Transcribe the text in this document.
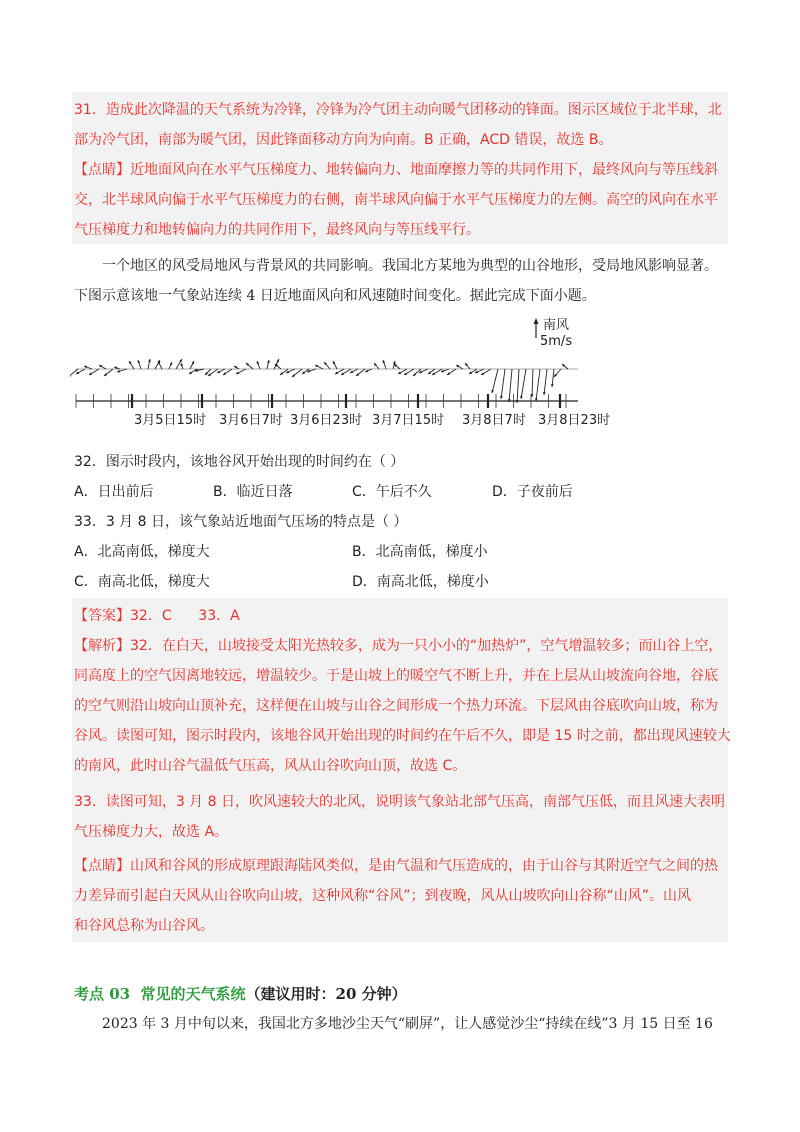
31．造成此次降温的天气系统为冷锋，冷锋为冷气团主动向暖气团移动的锋面。图示区域位于北半球，北
部为冷气团，南部为暖气团，因此锋面移动方向为向南。B 正确，ACD 错误，故选 B。
【点睛】近地面风向在水平气压梯度力、地转偏向力、地面摩擦力等的共同作用下，最终风向与等压线斜
交，北半球风向偏于水平气压梯度力的右侧，南半球风向偏于水平气压梯度力的左侧。高空的风向在水平
气压梯度力和地转偏向力的共同作用下，最终风向与等压线平行。
一个地区的风受局地风与背景风的共同影响。我国北方某地为典型的山谷地形，受局地风影响显著。
下图示意该地一气象站连续 4 日近地面风向和风速随时间变化。据此完成下面小题。
南风
5m/s
3月5日15时 3月6日7时 3月6日23时 3月7日15时 3月8日7时 3月8日23时
32．图示时段内，该地谷风开始出现的时间约在（ ）
A．日出前后	B．临近日落	C．午后不久	D．子夜前后
33．3 月 8 日，该气象站近地面气压场的特点是（ ）
A．北高南低，梯度大	B．北高南低，梯度小
C．南高北低，梯度大	D．南高北低，梯度小
【答案】32．C      33．A
【解析】32．在白天，山坡接受太阳光热较多，成为一只小小的“加热炉”，空气增温较多；而山谷上空，
同高度上的空气因离地较远，增温较少。于是山坡上的暖空气不断上升，并在上层从山坡流向谷地，谷底
的空气则沿山坡向山顶补充，这样便在山坡与山谷之间形成一个热力环流。下层风由谷底吹向山坡，称为
谷风。读图可知，图示时段内，该地谷风开始出现的时间约在午后不久，即是 15 时之前，都出现风速较大
的南风，此时山谷气温低气压高，风从山谷吹向山顶，故选 C。
33．读图可知，3 月 8 日，吹风速较大的北风，说明该气象站北部气压高，南部气压低，而且风速大表明
气压梯度力大，故选 A。
【点睛】山风和谷风的形成原理跟海陆风类似，是由气温和气压造成的，由于山谷与其附近空气之间的热
力差异而引起白天风从山谷吹向山坡，这种风称“谷风”；到夜晚，风从山坡吹向山谷称“山风”。山风
和谷风总称为山谷风。
考点 03  常见的天气系统（建议用时：20 分钟）
2023 年 3 月中旬以来，我国北方多地沙尘天气“刷屏”，让人感觉沙尘“持续在线”3 月 15 日至 16
